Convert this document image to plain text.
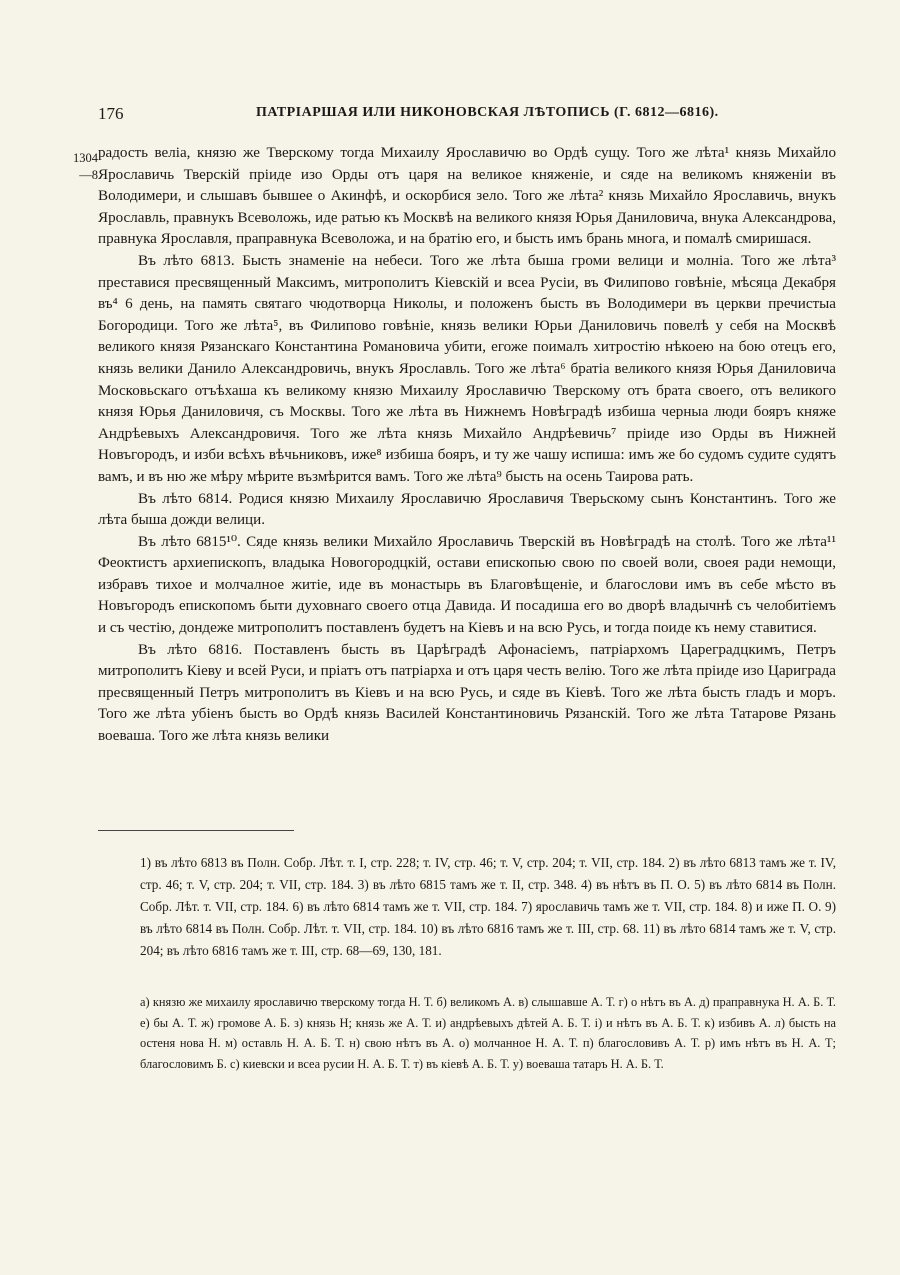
176	ПАТРІАРШАЯ ИЛИ НИКОНОВСКАЯ ЛѢТОПИСЬ (Г. 6812—6816).
1304 —8

радость веліа, князю же Тверскому тогда Михаилу Ярославичю во Ордѣ сущу. Того же лѣта¹ князь Михайло Ярославичь Тверскій пріиде изо Орды отъ царя на великое княженіе, и сяде на великомъ княженіи въ Володимери, и слышавъ бывшее о Акинфѣ, и оскорбися зело. Того же лѣта² князь Михайло Ярославичь, внукъ Ярославль, правнукъ Всеволожь, иде ратью къ Москвѣ на великого князя Юрья Даниловича, внука Александрова, правнука Ярославля, праправнука Всеволожа, и на братію его, и бысть имъ брань многа, и помалѣ смиришася.

Въ лѣто 6813. Бысть знаменіе на небеси. Того же лѣта быша громи велици и молніа. Того же лѣта³ преставися пресвященный Максимъ, митрополитъ Кіевскій и всеа Русіи, въ Филипово говѣніе, мѣсяца Декабря въ⁴ 6 день, на память святаго чюдотворца Николы, и положенъ бысть въ Володимери въ церкви пречистыа Богородици. Того же лѣта⁵, въ Филипово говѣніе, князь велики Юрьи Даниловичь повелѣ у себя на Москвѣ великого князя Рязанскаго Константина Романовича убити, егоже поималъ хитростію нѣкоею на бою отецъ его, князь велики Данило Александровичь, внукъ Ярославль. Того же лѣта⁶ братіа великого князя Юрья Даниловича Московьскаго отъѣхаша къ великому князю Михаилу Ярославичю Тверскому отъ брата своего, отъ великого князя Юрья Даниловичя, съ Москвы. Того же лѣта въ Нижнемъ Новѣградѣ избиша черныа люди бояръ княже Андрѣевыхъ Александровичя. Того же лѣта князь Михайло Андрѣевичь⁷ пріиде изо Орды въ Нижней Новъгородъ, и изби всѣхъ вѣчьниковъ, иже⁸ избиша бояръ, и ту же чашу испиша: имъ же бо судомъ судите судятъ вамъ, и въ ню же мѣру мѣрите възмѣрится вамъ. Того же лѣта⁹ бысть на осень Таирова рать.

Въ лѣто 6814. Родися князю Михаилу Ярославичю Ярославичя Тверьскому сынъ Константинъ. Того же лѣта быша дожди велици.

Въ лѣто 6815¹⁰. Сяде князь велики Михайло Ярославичь Тверскій въ Новѣградѣ на столѣ. Того же лѣта¹¹ Феоктистъ архиепископъ, владыка Новогородцкій, остави епископью свою по своей воли, своея ради немощи, избравъ тихое и молчалное житіе, иде въ монастырь въ Благовѣщеніе, и благослови имъ въ себе мѣсто въ Новъгородъ епископомъ быти духовнаго своего отца Давида. И посадиша его во дворѣ владычнѣ съ челобитіемъ и съ честію, дондеже митрополитъ поставленъ будетъ на Кіевъ и на всю Русь, и тогда поиде къ нему ставитися.

Въ лѣто 6816. Поставленъ бысть въ Царѣградѣ Афонасіемъ, патріархомъ Цареградцкимъ, Петръ митрополитъ Кіеву и всей Руси, и пріатъ отъ патріарха и отъ царя честь велію. Того же лѣта пріиде изо Цариграда пресвященный Петръ митрополитъ въ Кіевъ и на всю Русь, и сяде въ Кіевѣ. Того же лѣта бысть гладъ и моръ. Того же лѣта убіенъ бысть во Ордѣ князь Василей Константиновичь Рязанскій. Того же лѣта Татарове Рязань воеваша. Того же лѣта князь велики

1) въ лѣто 6813 въ Полн. Собр. Лѣт. т. I, стр. 228; т. IV, стр. 46; т. V, стр. 204; т. VII, стр. 184. 2) въ лѣто 6813 тамъ же т. IV, стр. 46; т. V, стр. 204; т. VII, стр. 184. 3) въ лѣто 6815 тамъ же т. II, стр. 348. 4) въ нѣтъ въ П. О. 5) въ лѣто 6814 въ Полн. Собр. Лѣт. т. VII, стр. 184. 6) въ лѣто 6814 тамъ же т. VII, стр. 184. 7) ярославичь тамъ же т. VII, стр. 184. 8) и иже П. О. 9) въ лѣто 6814 въ Полн. Собр. Лѣт. т. VII, стр. 184. 10) въ лѣто 6816 тамъ же т. III, стр. 68. 11) въ лѣто 6814 тамъ же т. V, стр. 204; въ лѣто 6816 тамъ же т. III, стр. 68—69, 130, 181.

а) князю же михаилу ярославичю тверскому тогда Н. Т. б) великомъ А. в) слышавше А. Т. г) о нѣтъ въ А. д) праправнука Н. А. Б. Т. е) бы А. Т. ж) громове А. Б. з) князь Н; князь же А. Т. и) андрѣевыхъ дѣтей А. Б. Т. і) и нѣтъ въ А. Б. Т. к) избивъ А. л) бысть на остеня нова Н. м) оставль Н. А. Б. Т. н) свою нѣтъ въ А. о) молчанное Н. А. Т. п) благословивъ А. Т. р) имъ нѣтъ въ Н. А. Т; благословимъ Б. с) киевски и всеа русии Н. А. Б. Т. т) въ кіевѣ А. Б. Т. у) воеваша татаръ Н. А. Б. Т.
